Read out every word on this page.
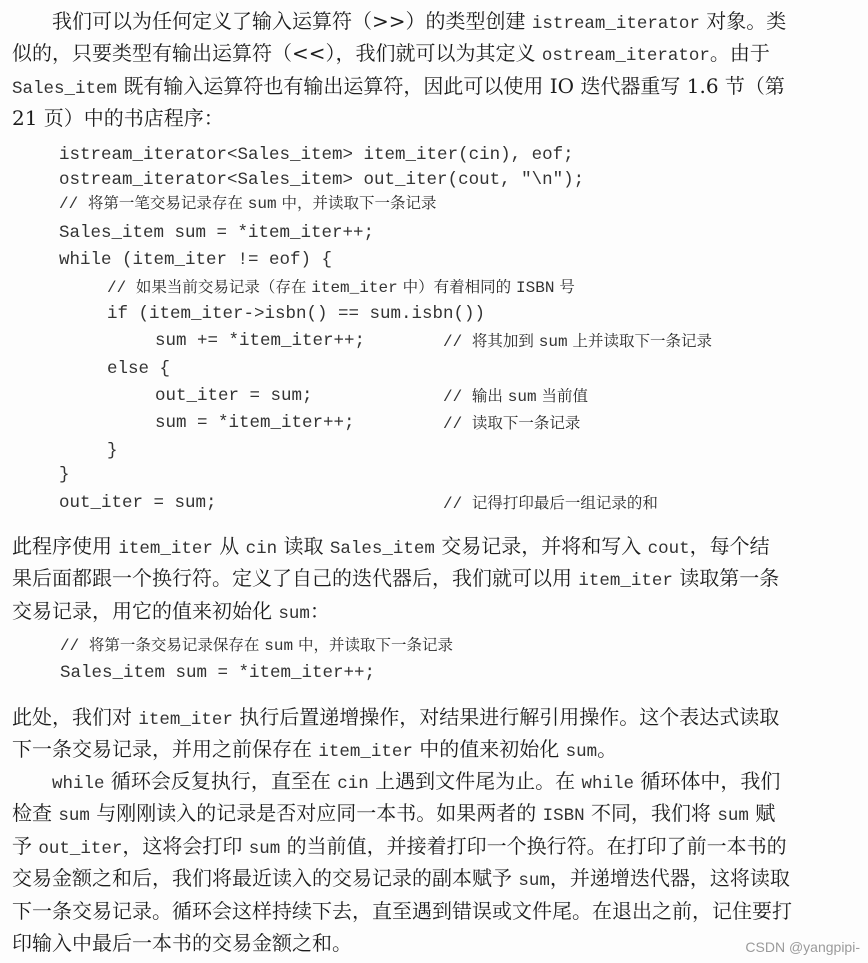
我们可以为任何定义了输入运算符（>>）的类型创建 istream_iterator 对象。类
似的，只要类型有输出运算符（<<），我们就可以为其定义 ostream_iterator。由于
Sales_item 既有输入运算符也有输出运算符，因此可以使用 IO 迭代器重写 1.6 节（第
21 页）中的书店程序：
istream_iterator<Sales_item> item_iter(cin), eof;
ostream_iterator<Sales_item> out_iter(cout, "\n");
// 将第一笔交易记录存在 sum 中，并读取下一条记录
Sales_item sum = *item_iter++;
while (item_iter != eof) {
// 如果当前交易记录（存在 item_iter 中）有着相同的 ISBN 号
if (item_iter->isbn() == sum.isbn())
sum += *item_iter++;	// 将其加到 sum 上并读取下一条记录
else {
out_iter = sum;	// 输出 sum 当前值
sum = *item_iter++;	// 读取下一条记录
}
}
out_iter = sum;	// 记得打印最后一组记录的和
此程序使用 item_iter 从 cin 读取 Sales_item 交易记录，并将和写入 cout，每个结
果后面都跟一个换行符。定义了自己的迭代器后，我们就可以用 item_iter 读取第一条
交易记录，用它的值来初始化 sum：
// 将第一条交易记录保存在 sum 中，并读取下一条记录
Sales_item sum = *item_iter++;
此处，我们对 item_iter 执行后置递增操作，对结果进行解引用操作。这个表达式读取
下一条交易记录，并用之前保存在 item_iter 中的值来初始化 sum。
while 循环会反复执行，直至在 cin 上遇到文件尾为止。在 while 循环体中，我们
检查 sum 与刚刚读入的记录是否对应同一本书。如果两者的 ISBN 不同，我们将 sum 赋
予 out_iter，这将会打印 sum 的当前值，并接着打印一个换行符。在打印了前一本书的
交易金额之和后，我们将最近读入的交易记录的副本赋予 sum，并递增迭代器，这将读取
下一条交易记录。循环会这样持续下去，直至遇到错误或文件尾。在退出之前，记住要打
印输入中最后一本书的交易金额之和。	CSDN @yangpipi-
